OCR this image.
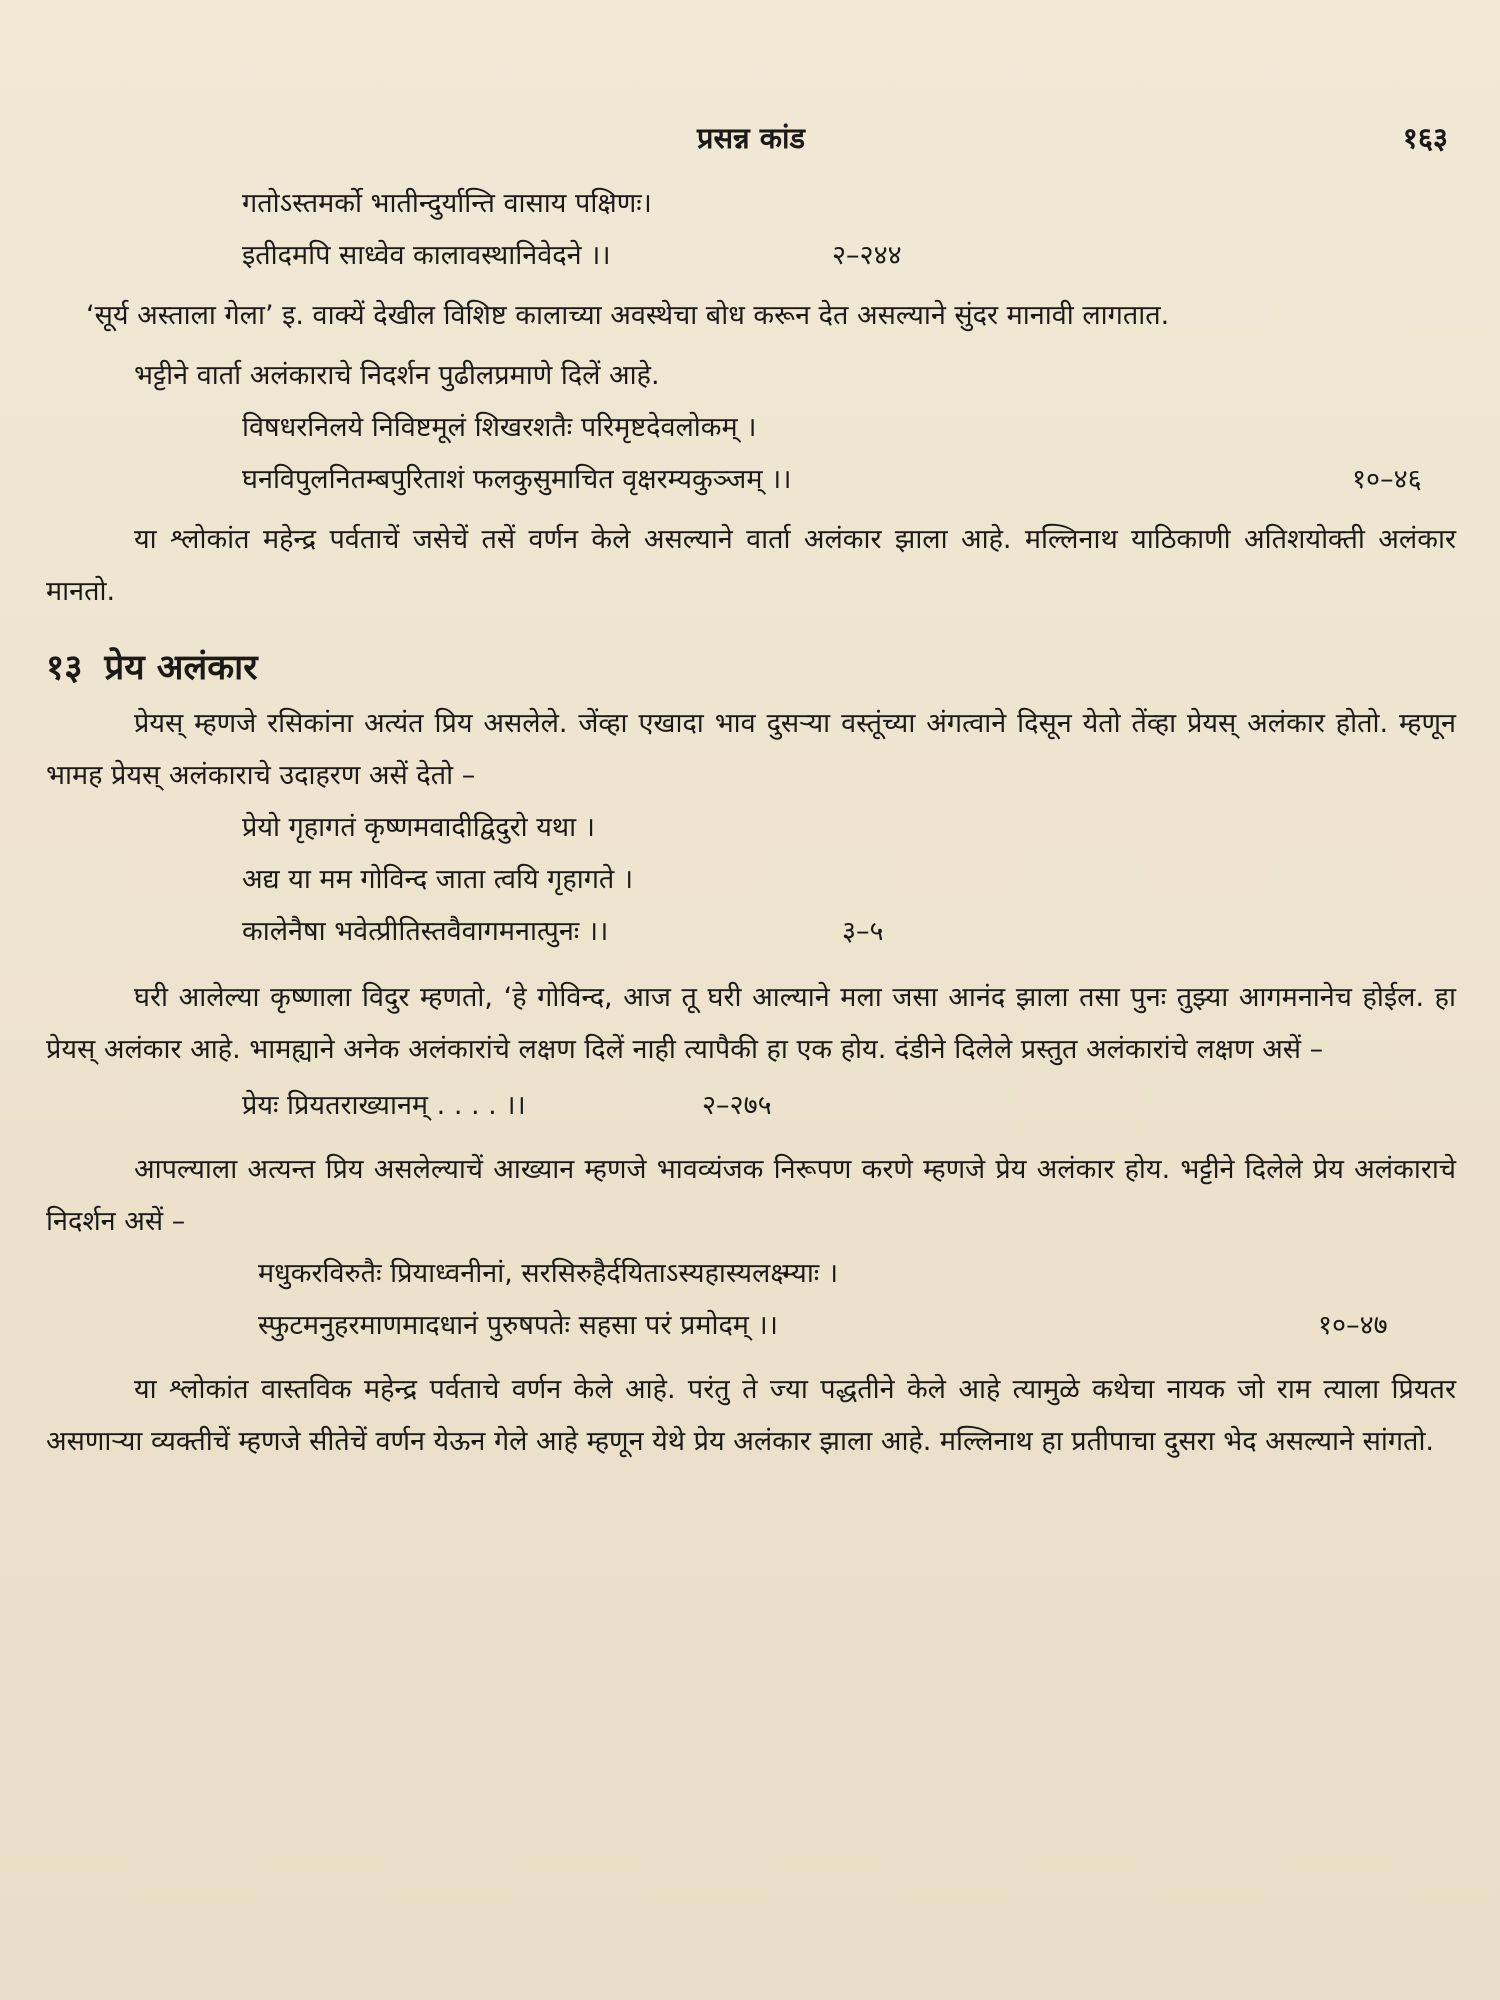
प्रसन्न कांड	१६३
गतोऽस्तमर्को भातीन्दुर्यान्ति वासाय पक्षिणः।
इतीदमपि साध्वेव कालावस्थानिवेदने ।।	२–२४४

‘सूर्य अस्ताला गेला’ इ. वाक्यें देखील विशिष्ट कालाच्या अवस्थेचा बोध करून देत असल्याने सुंदर मानावी लागतात.

भट्टीने वार्ता अलंकाराचे निदर्शन पुढीलप्रमाणे दिलें आहे.

विषधरनिलये निविष्टमूलं शिखरशतैः परिमृष्टदेवलोकम् ।
घनविपुलनितम्बपुरिताशं फलकुसुमाचित वृक्षरम्यकुञ्जम् ।।	१०–४६

या श्लोकांत महेन्द्र पर्वताचें जसेचें तसें वर्णन केले असल्याने वार्ता अलंकार झाला आहे. मल्लिनाथ याठिकाणी अतिशयोक्ती अलंकार मानतो.

१३ प्रेय अलंकार

प्रेयस् म्हणजे रसिकांना अत्यंत प्रिय असलेले. जेंव्हा एखादा भाव दुसऱ्या वस्तूंच्या अंगत्वाने दिसून येतो तेंव्हा प्रेयस् अलंकार होतो. म्हणून भामह प्रेयस् अलंकाराचे उदाहरण असें देतो –

प्रेयो गृहागतं कृष्णमवादीद्विदुरो यथा ।
अद्य या मम गोविन्द जाता त्वयि गृहागते ।
कालेनैषा भवेत्प्रीतिस्तवैवागमनात्पुनः ।।	३–५

घरी आलेल्या कृष्णाला विदुर म्हणतो, ‘हे गोविन्द, आज तू घरी आल्याने मला जसा आनंद झाला तसा पुनः तुझ्या आगमनानेच होईल. हा प्रेयस् अलंकार आहे. भामह्याने अनेक अलंकारांचे लक्षण दिलें नाही त्यापैकी हा एक होय. दंडीने दिलेले प्रस्तुत अलंकारांचे लक्षण असें –

प्रेयः प्रियतराख्यानम् . . . . ।।	२–२७५

आपल्याला अत्यन्त प्रिय असलेल्याचें आख्यान म्हणजे भावव्यंजक निरूपण करणे म्हणजे प्रेय अलंकार होय. भट्टीने दिलेले प्रेय अलंकाराचे निदर्शन असें –

मधुकरविरुतैः प्रियाध्वनीनां, सरसिरुहैर्दयिताऽस्यहास्यलक्ष्म्याः ।
स्फुटमनुहरमाणमादधानं पुरुषपतेः सहसा परं प्रमोदम् ।।	१०–४७

या श्लोकांत वास्तविक महेन्द्र पर्वताचे वर्णन केले आहे. परंतु ते ज्या पद्धतीने केले आहे त्यामुळे कथेचा नायक जो राम त्याला प्रियतर असणाऱ्या व्यक्तीचें म्हणजे सीतेचें वर्णन येऊन गेले आहे म्हणून येथे प्रेय अलंकार झाला आहे. मल्लिनाथ हा प्रतीपाचा दुसरा भेद असल्याने सांगतो.
